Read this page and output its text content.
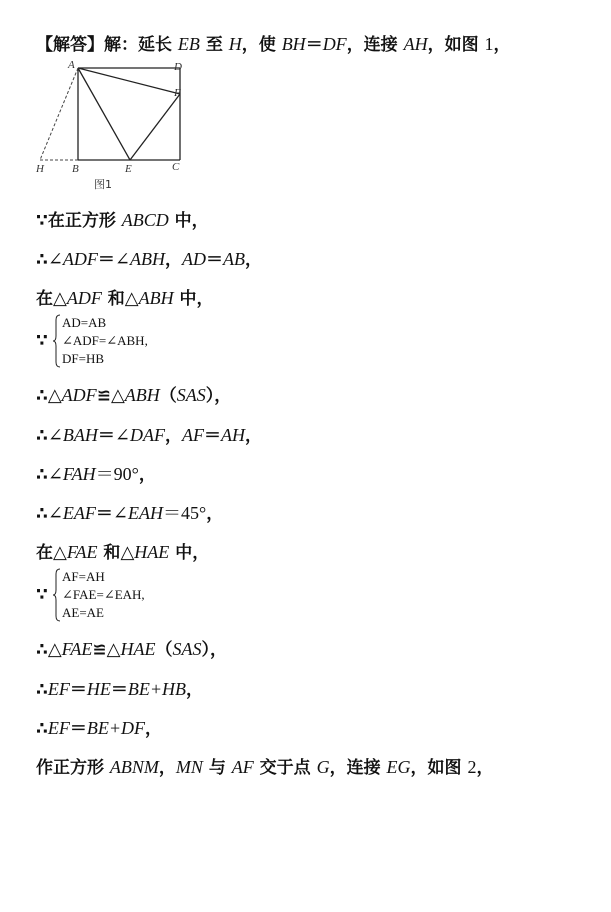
【解答】解：延长 EB 至 H，使 BH＝DF，连接 AH，如图 1，
A	D
F
H	B	E	C
图1
∵在正方形 ABCD 中，
∴∠ADF＝∠ABH，AD＝AB，
在△ADF 和△ABH 中，
∵
AD=AB
∠ADF=∠ABH,
DF=HB
∴△ADF≌△ABH（SAS），
∴∠BAH＝∠DAF，AF＝AH，
∴∠FAH＝90°，
∴∠EAF＝∠EAH＝45°，
在△FAE 和△HAE 中，
∵
AF=AH
∠FAE=∠EAH,
AE=AE
∴△FAE≌△HAE（SAS），
∴EF＝HE＝BE+HB，
∴EF＝BE+DF，
作正方形 ABNM，MN 与 AF 交于点 G，连接 EG，如图 2，
